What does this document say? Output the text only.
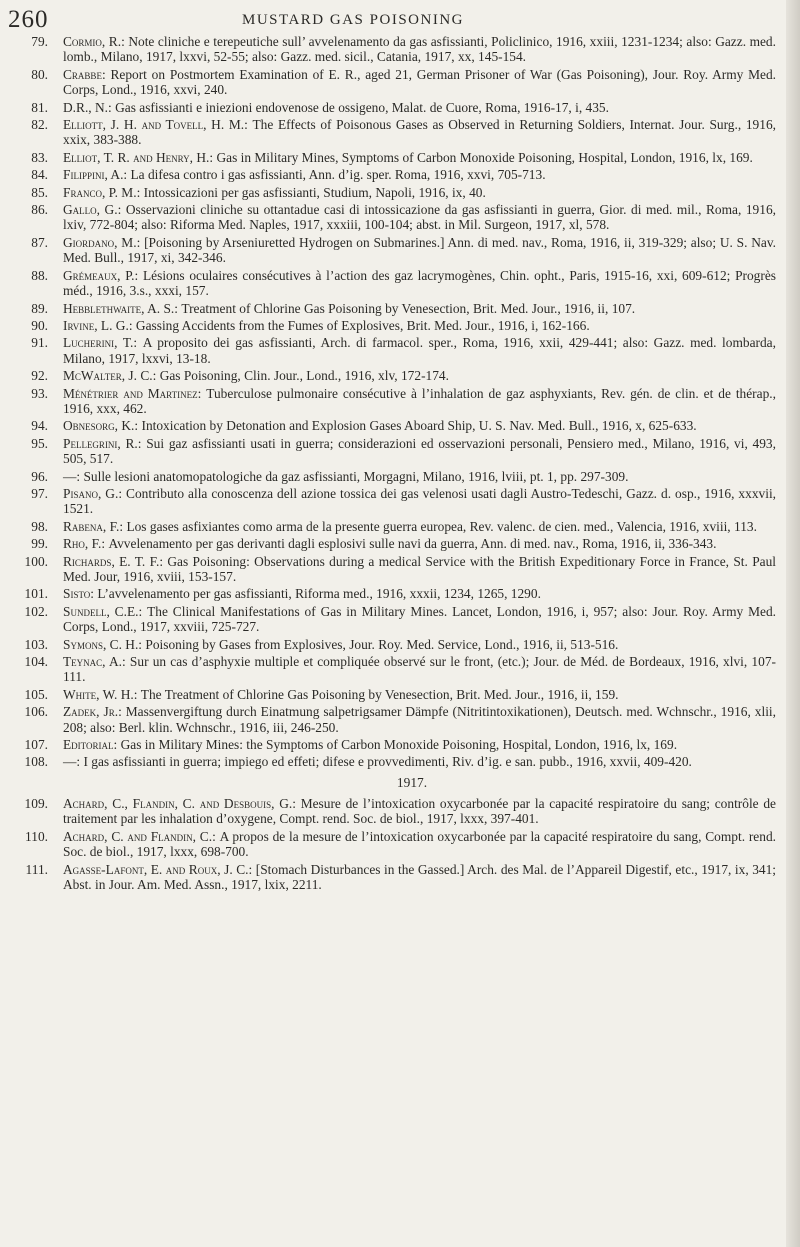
260	MUSTARD GAS POISONING
79 . Cormio, R. : Note cliniche e terepeutiche sull’ avvelenamento da gas asfissianti, Policlinico, 1916, xxiii, 1231-1234; also: Gazz. med. lomb., Milano, 1917, lxxvi, 52-55; also: Gazz. med. sicil., Catania, 1917, xx, 145-154.
80 . Crabbe : Report on Postmortem Examination of E. R., aged 21, German Prisoner of War (Gas Poisoning), Jour. Roy. Army Med. Corps, Lond., 1916, xxvi, 240.
81 . D.R., N. : Gas asfissianti e iniezioni endovenose de ossigeno, Malat. de Cuore, Roma, 1916-17, i, 435.
82 . Elliott, J. H. and Tovell, H. M. : The Effects of Poisonous Gases as Observed in Returning Soldiers, Internat. Jour. Surg., 1916, xxix, 383-388.
83 . Elliot, T. R. and Henry, H. : Gas in Military Mines, Symptoms of Carbon Monoxide Poisoning, Hospital, London, 1916, lx, 169.
84 . Filippini, A. : La difesa contro i gas asfissianti, Ann. d’ig. sper. Roma, 1916, xxvi, 705-713.
85 . Franco, P. M. : Intossicazioni per gas asfissianti, Studium, Napoli, 1916, ix, 40.
86 . Gallo, G. : Osservazioni cliniche su ottantadue casi di intossicazione da gas asfissianti in guerra, Gior. di med. mil., Roma, 1916, lxiv, 772-804; also: Riforma Med. Naples, 1917, xxxiii, 100-104; abst. in Mil. Surgeon, 1917, xl, 578.
87 . Giordano, M. : [Poisoning by Arseniuretted Hydrogen on Submarines.] Ann. di med. nav., Roma, 1916, ii, 319-329; also; U. S. Nav. Med. Bull., 1917, xi, 342-346.
88 . Grémeaux, P. : Lésions oculaires consécutives à l’action des gaz lacrymogènes, Chin. opht., Paris, 1915-16, xxi, 609-612; Progrès méd., 1916, 3.s., xxxi, 157.
89 . Hebblethwaite, A. S. : Treatment of Chlorine Gas Poisoning by Venesection, Brit. Med. Jour., 1916, ii, 107.
90 . Irvine, L. G. : Gassing Accidents from the Fumes of Explosives, Brit. Med. Jour., 1916, i, 162-166.
91 . Lucherini, T. : A proposito dei gas asfissianti, Arch. di farmacol. sper., Roma, 1916, xxii, 429-441; also: Gazz. med. lombarda, Milano, 1917, lxxvi, 13-18.
92 . McWalter, J. C. : Gas Poisoning, Clin. Jour., Lond., 1916, xlv, 172-174.
93 . Ménétrier and Martinez : Tuberculose pulmonaire consécutive à l’inhalation de gaz asphyxiants, Rev. gén. de clin. et de thérap., 1916, xxx, 462.
94 . Obnesorg, K. : Intoxication by Detonation and Explosion Gases Aboard Ship, U. S. Nav. Med. Bull., 1916, x, 625-633.
95 . Pellegrini, R. : Sui gaz asfissianti usati in guerra; considerazioni ed osservazioni personali, Pensiero med., Milano, 1916, vi, 493, 505, 517.
96 . — : Sulle lesioni anatomopatologiche da gaz asfissianti, Morgagni, Milano, 1916, lviii, pt. 1, pp. 297-309.
97 . Pisano, G. : Contributo alla conoscenza dell azione tossica dei gas velenosi usati dagli Austro-Tedeschi, Gazz. d. osp., 1916, xxxvii, 1521.
98 . Rabena, F. : Los gases asfixiantes como arma de la presente guerra europea, Rev. valenc. de cien. med., Valencia, 1916, xviii, 113.
99 . Rho, F. : Avvelenamento per gas derivanti dagli esplosivi sulle navi da guerra, Ann. di med. nav., Roma, 1916, ii, 336-343.
100 . Richards, E. T. F. : Gas Poisoning: Observations during a medical Service with the British Expeditionary Force in France, St. Paul Med. Jour, 1916, xviii, 153-157.
101 . Sisto : L’avvelenamento per gas asfissianti, Riforma med., 1916, xxxii, 1234, 1265, 1290.
102 . Sundell, C.E. : The Clinical Manifestations of Gas in Military Mines. Lancet, London, 1916, i, 957; also: Jour. Roy. Army Med. Corps, Lond., 1917, xxviii, 725-727.
103 . Symons, C. H. : Poisoning by Gases from Explosives, Jour. Roy. Med. Service, Lond., 1916, ii, 513-516.
104 . Teynac, A. : Sur un cas d’asphyxie multiple et compliquée observé sur le front, (etc.); Jour. de Méd. de Bordeaux, 1916, xlvi, 107-111.
105 . White, W. H. : The Treatment of Chlorine Gas Poisoning by Venesection, Brit. Med. Jour., 1916, ii, 159.
106 . Zadek, Jr. : Massenvergiftung durch Einatmung salpetrigsamer Dämpfe (Nitritintoxikationen), Deutsch. med. Wchnschr., 1916, xlii, 208; also: Berl. klin. Wchnschr., 1916, iii, 246-250.
107 . Editorial : Gas in Military Mines: the Symptoms of Carbon Monoxide Poisoning, Hospital, London, 1916, lx, 169.
108 . — : I gas asfissianti in guerra; impiego ed effeti; difese e provvedimenti, Riv. d’ig. e san. pubb., 1916, xxvii, 409-420.
1917.
109 . Achard, C., Flandin, C. and Desbouis, G. : Mesure de l’intoxication oxycarbonée par la capacité respiratoire du sang; contrôle de traitement par les inhalation d’oxygene, Compt. rend. Soc. de biol., 1917, lxxx, 397-401.
110 . Achard, C. and Flandin, C. : A propos de la mesure de l’intoxication oxycarbonée par la capacité respiratoire du sang, Compt. rend. Soc. de biol., 1917, lxxx, 698-700.
111 . Agasse-Lafont, E. and Roux, J. C. : [Stomach Disturbances in the Gassed.] Arch. des Mal. de l’Appareil Digestif, etc., 1917, ix, 341; Abst. in Jour. Am. Med. Assn., 1917, lxix, 2211.
